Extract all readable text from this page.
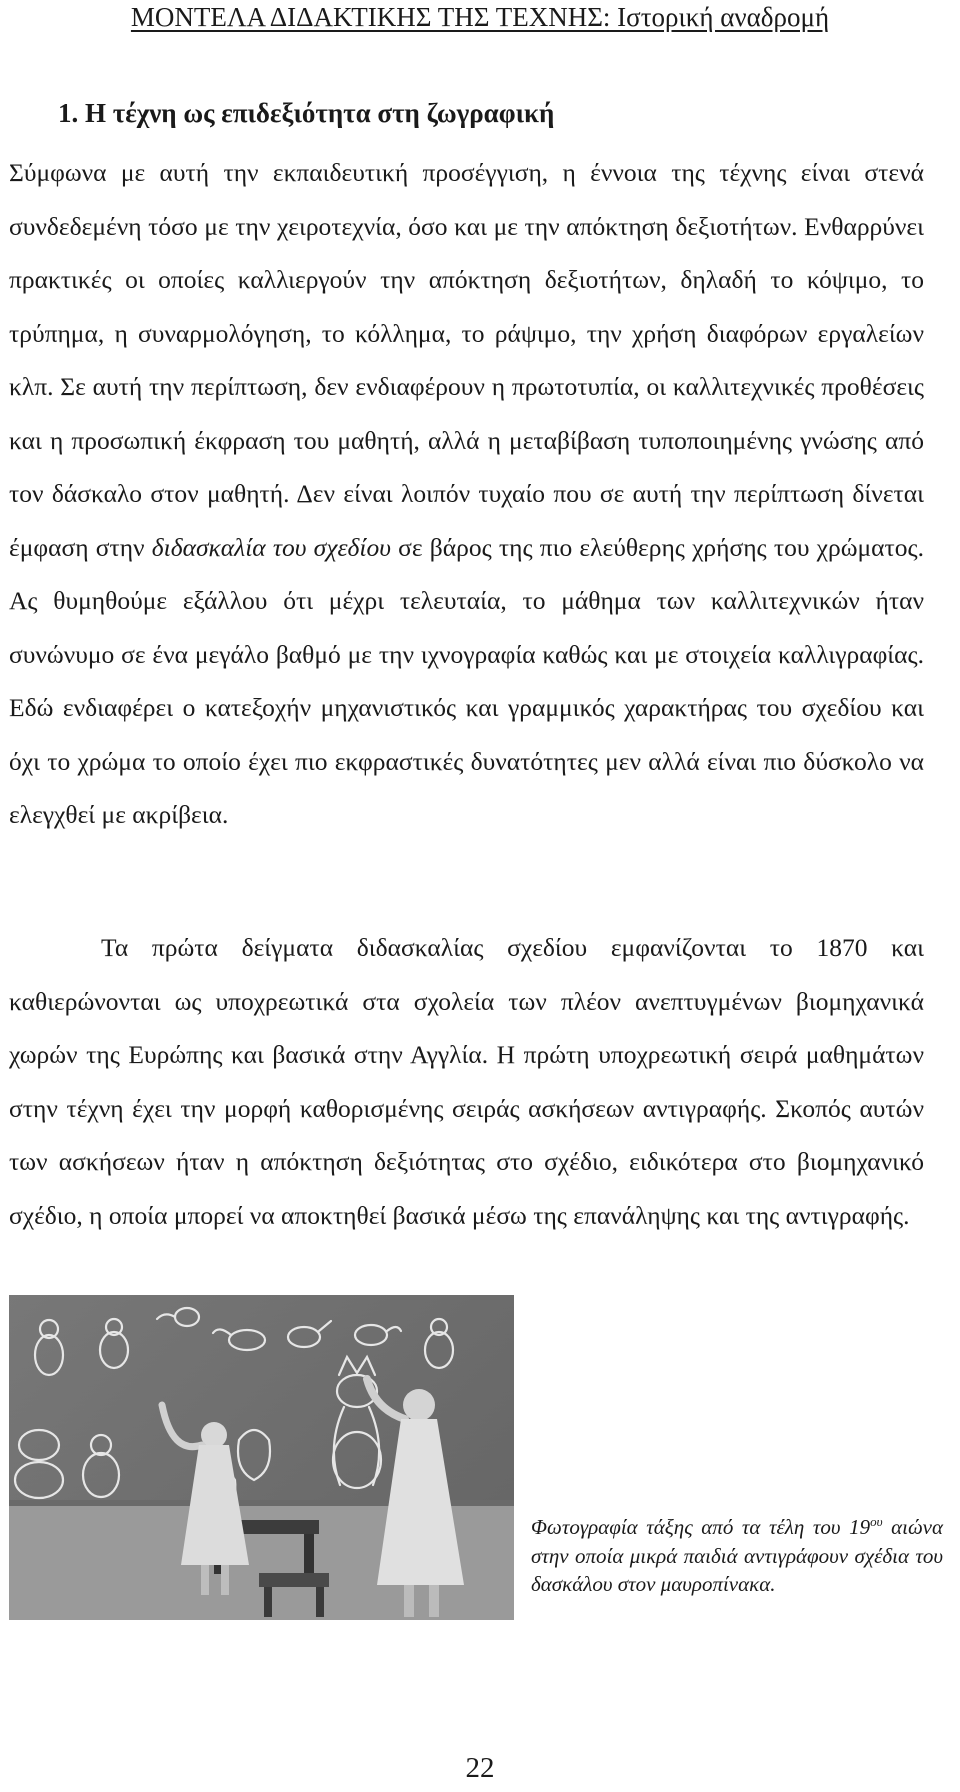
ΜΟΝΤΕΛΑ ΔΙΔΑΚΤΙΚΗΣ ΤΗΣ ΤΕΧΝΗΣ: Ιστορική αναδρομή
1. Η τέχνη ως επιδεξιότητα στη ζωγραφική

Σύμφωνα με αυτή την εκπαιδευτική προσέγγιση, η έννοια της τέχνης είναι στενά συνδεδεμένη τόσο με την χειροτεχνία, όσο και με την απόκτηση δεξιοτήτων. Ενθαρρύνει πρακτικές οι οποίες καλλιεργούν την απόκτηση δεξιοτήτων, δηλαδή το κόψιμο, το τρύπημα, η συναρμολόγηση, το κόλλημα, το ράψιμο, την χρήση διαφόρων εργαλείων κλπ. Σε αυτή την περίπτωση, δεν ενδιαφέρουν η πρωτοτυπία, οι καλλιτεχνικές προθέσεις και η προσωπική έκφραση του μαθητή, αλλά η μεταβίβαση τυποποιημένης γνώσης από τον δάσκαλο στον μαθητή. Δεν είναι λοιπόν τυχαίο που σε αυτή την περίπτωση δίνεται έμφαση στην διδασκαλία του σχεδίου σε βάρος της πιο ελεύθερης χρήσης του χρώματος. Ας θυμηθούμε εξάλλου ότι μέχρι τελευταία, το μάθημα των καλλιτεχνικών ήταν συνώνυμο σε ένα μεγάλο βαθμό με την ιχνογραφία καθώς και με στοιχεία καλλιγραφίας. Εδώ ενδιαφέρει ο κατεξοχήν μηχανιστικός και γραμμικός χαρακτήρας του σχεδίου και όχι το χρώμα το οποίο έχει πιο εκφραστικές δυνατότητες μεν αλλά είναι πιο δύσκολο να ελεγχθεί με ακρίβεια.

Τα πρώτα δείγματα διδασκαλίας σχεδίου εμφανίζονται το 1870 και καθιερώνονται ως υποχρεωτικά στα σχολεία των πλέον ανεπτυγμένων βιομηχανικά χωρών της Ευρώπης και βασικά στην Αγγλία. Η πρώτη υποχρεωτική σειρά μαθημάτων στην τέχνη έχει την μορφή καθορισμένης σειράς ασκήσεων αντιγραφής. Σκοπός αυτών των ασκήσεων ήταν η απόκτηση δεξιότητας στο σχέδιο, ειδικότερα στο βιομηχανικό σχέδιο, η οποία μπορεί να αποκτηθεί βασικά μέσω της επανάληψης και της αντιγραφής.

Φωτογραφία τάξης από τα τέλη του $19^{o\upsilon}$ αιώνα στην οποία μικρά παιδιά αντιγράφουν σχέδια του δασκάλου στον μαυροπίνακα.

22
